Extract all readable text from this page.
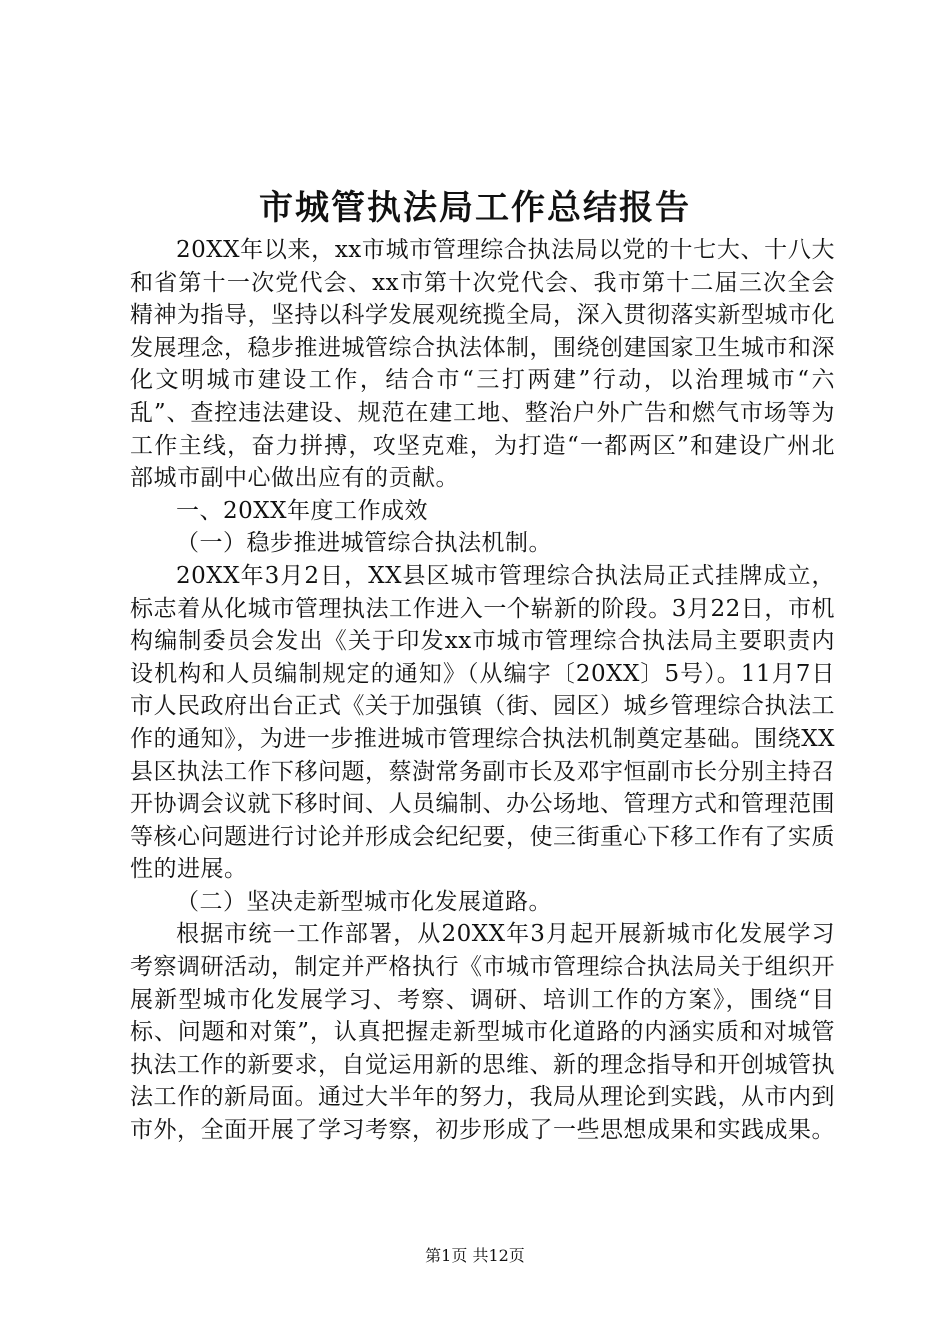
市城管执法局工作总结报告

20XX年以来，xx市城市管理综合执法局以党的十七大、十八大和省第十一次党代会、xx市第十次党代会、我市第十二届三次全会精神为指导，坚持以科学发展观统揽全局，深入贯彻落实新型城市化发展理念，稳步推进城管综合执法体制，围绕创建国家卫生城市和深化文明城市建设工作，结合市“三打两建”行动，以治理城市“六乱”、查控违法建设、规范在建工地、整治户外广告和燃气市场等为工作主线，奋力拼搏，攻坚克难，为打造“一都两区”和建设广州北部城市副中心做出应有的贡献。

一、20XX年度工作成效

（一）稳步推进城管综合执法机制。

20XX年3月2日，XX县区城市管理综合执法局正式挂牌成立，标志着从化城市管理执法工作进入一个崭新的阶段。3月22日，市机构编制委员会发出《关于印发xx市城市管理综合执法局主要职责内设机构和人员编制规定的通知》（从编字〔20XX〕5号）。11月7日市人民政府出台正式《关于加强镇（街、园区）城乡管理综合执法工作的通知》，为进一步推进城市管理综合执法机制奠定基础。围绕XX县区执法工作下移问题，蔡澍常务副市长及邓宇恒副市长分别主持召开协调会议就下移时间、人员编制、办公场地、管理方式和管理范围等核心问题进行讨论并形成会纪纪要，使三街重心下移工作有了实质性的进展。

（二）坚决走新型城市化发展道路。

根据市统一工作部署，从20XX年3月起开展新城市化发展学习考察调研活动，制定并严格执行《市城市管理综合执法局关于组织开展新型城市化发展学习、考察、调研、培训工作的方案》，围绕“目标、问题和对策”，认真把握走新型城市化道路的内涵实质和对城管执法工作的新要求，自觉运用新的思维、新的理念指导和开创城管执法工作的新局面。通过大半年的努力，我局从理论到实践，从市内到市外，全面开展了学习考察，初步形成了一些思想成果和实践成果。

第1页 共12页
